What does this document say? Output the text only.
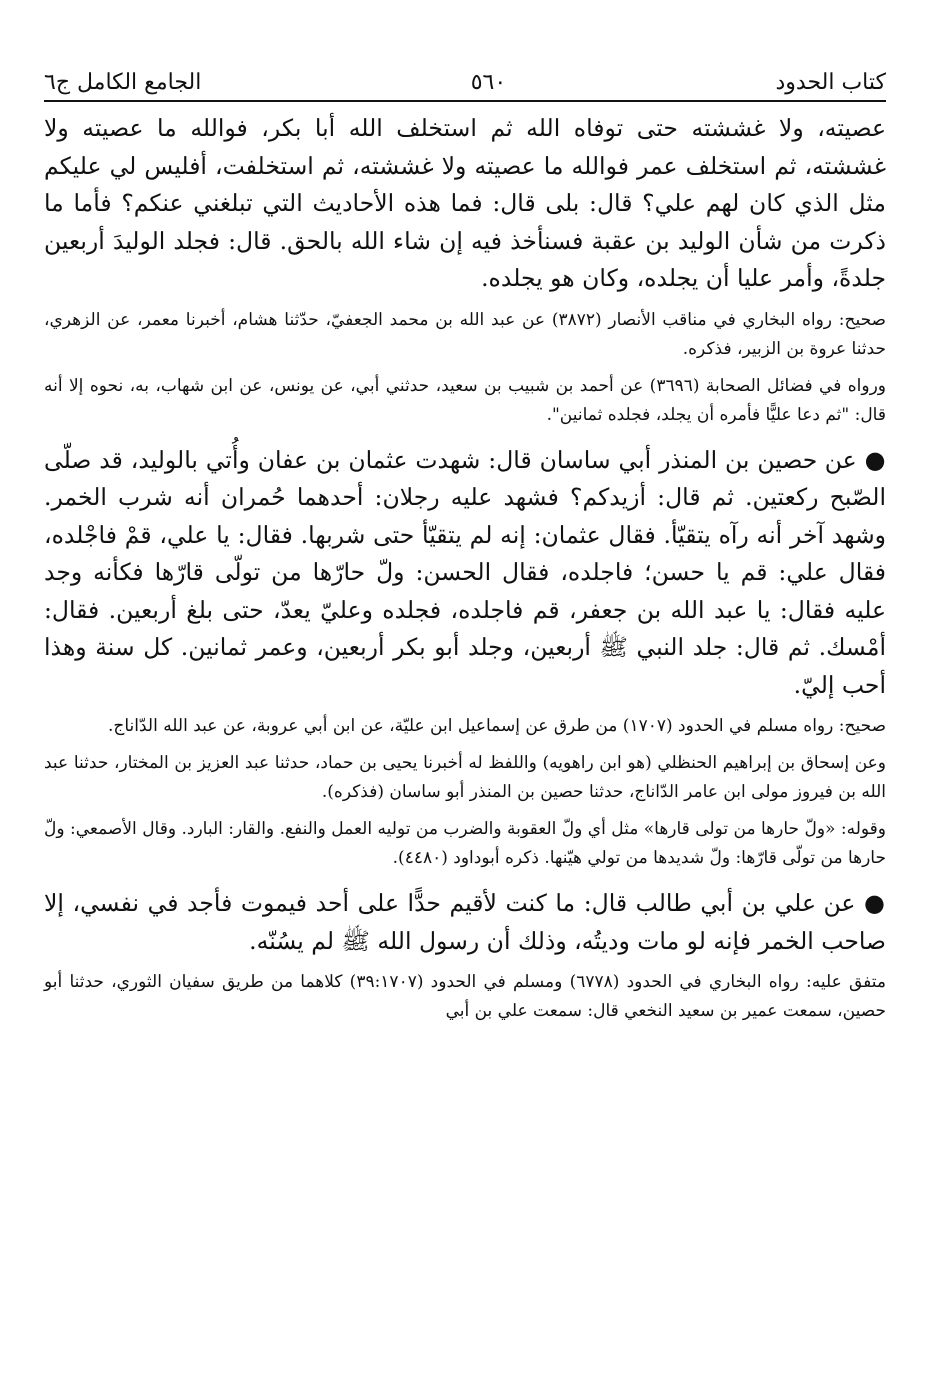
كتاب الحدود
٥٦٠
الجامع الكامل ج٦

عصيته، ولا غششته حتى توفاه الله ثم استخلف الله أبا بكر، فوالله ما عصيته ولا غششته، ثم استخلف عمر فوالله ما عصيته ولا غششته، ثم استخلفت، أفليس لي عليكم مثل الذي كان لهم علي؟ قال: بلى قال: فما هذه الأحاديث التي تبلغني عنكم؟ فأما ما ذكرت من شأن الوليد بن عقبة فسنأخذ فيه إن شاء الله بالحق. قال: فجلد الوليدَ أربعين جلدةً، وأمر عليا أن يجلده، وكان هو يجلده.

صحيح: رواه البخاري في مناقب الأنصار (٣٨٧٢) عن عبد الله بن محمد الجعفيّ، حدّثنا هشام، أخبرنا معمر، عن الزهري، حدثنا عروة بن الزبير، فذكره.

ورواه في فضائل الصحابة (٣٦٩٦) عن أحمد بن شبيب بن سعيد، حدثني أبي، عن يونس، عن ابن شهاب، به، نحوه إلا أنه قال: "ثم دعا عليًّا فأمره أن يجلد، فجلده ثمانين".

● عن حصين بن المنذر أبي ساسان قال: شهدت عثمان بن عفان وأُتي بالوليد، قد صلّى الصّبح ركعتين. ثم قال: أزيدكم؟ فشهد عليه رجلان: أحدهما حُمران أنه شرب الخمر. وشهد آخر أنه رآه يتقيّأ. فقال عثمان: إنه لم يتقيّأ حتى شربها. فقال: يا علي، قمْ فاجْلده، فقال علي: قم يا حسن؛ فاجلده، فقال الحسن: ولّ حارّها من تولّى قارّها فكأنه وجد عليه فقال: يا عبد الله بن جعفر، قم فاجلده، فجلده وعليّ يعدّ، حتى بلغ أربعين. فقال: أمْسك. ثم قال: جلد النبي ﷺ أربعين، وجلد أبو بكر أربعين، وعمر ثمانين. كل سنة وهذا أحب إليّ.

صحيح: رواه مسلم في الحدود (١٧٠٧) من طرق عن إسماعيل ابن عليّة، عن ابن أبي عروبة، عن عبد الله الدّاناج.

وعن إسحاق بن إبراهيم الحنظلي (هو ابن راهويه) واللفظ له أخبرنا يحيى بن حماد، حدثنا عبد العزيز بن المختار، حدثنا عبد الله بن فيروز مولى ابن عامر الدّاناج، حدثنا حصين بن المنذر أبو ساسان (فذكره).

وقوله: «ولّ حارها من تولى قارها» مثل أي ولّ العقوبة والضرب من توليه العمل والنفع. والقار: البارد. وقال الأصمعي: ولّ حارها من تولّى قارّها: ولّ شديدها من تولي هيّنها. ذكره أبوداود (٤٤٨٠).

● عن علي بن أبي طالب قال: ما كنت لأقيم حدًّا على أحد فيموت فأجد في نفسي، إلا صاحب الخمر فإنه لو مات وديتُه، وذلك أن رسول الله ﷺ لم يسُنّه.

متفق عليه: رواه البخاري في الحدود (٦٧٧٨) ومسلم في الحدود (٣٩:١٧٠٧) كلاهما من طريق سفيان الثوري، حدثنا أبو حصين، سمعت عمير بن سعيد النخعي قال: سمعت علي بن أبي
